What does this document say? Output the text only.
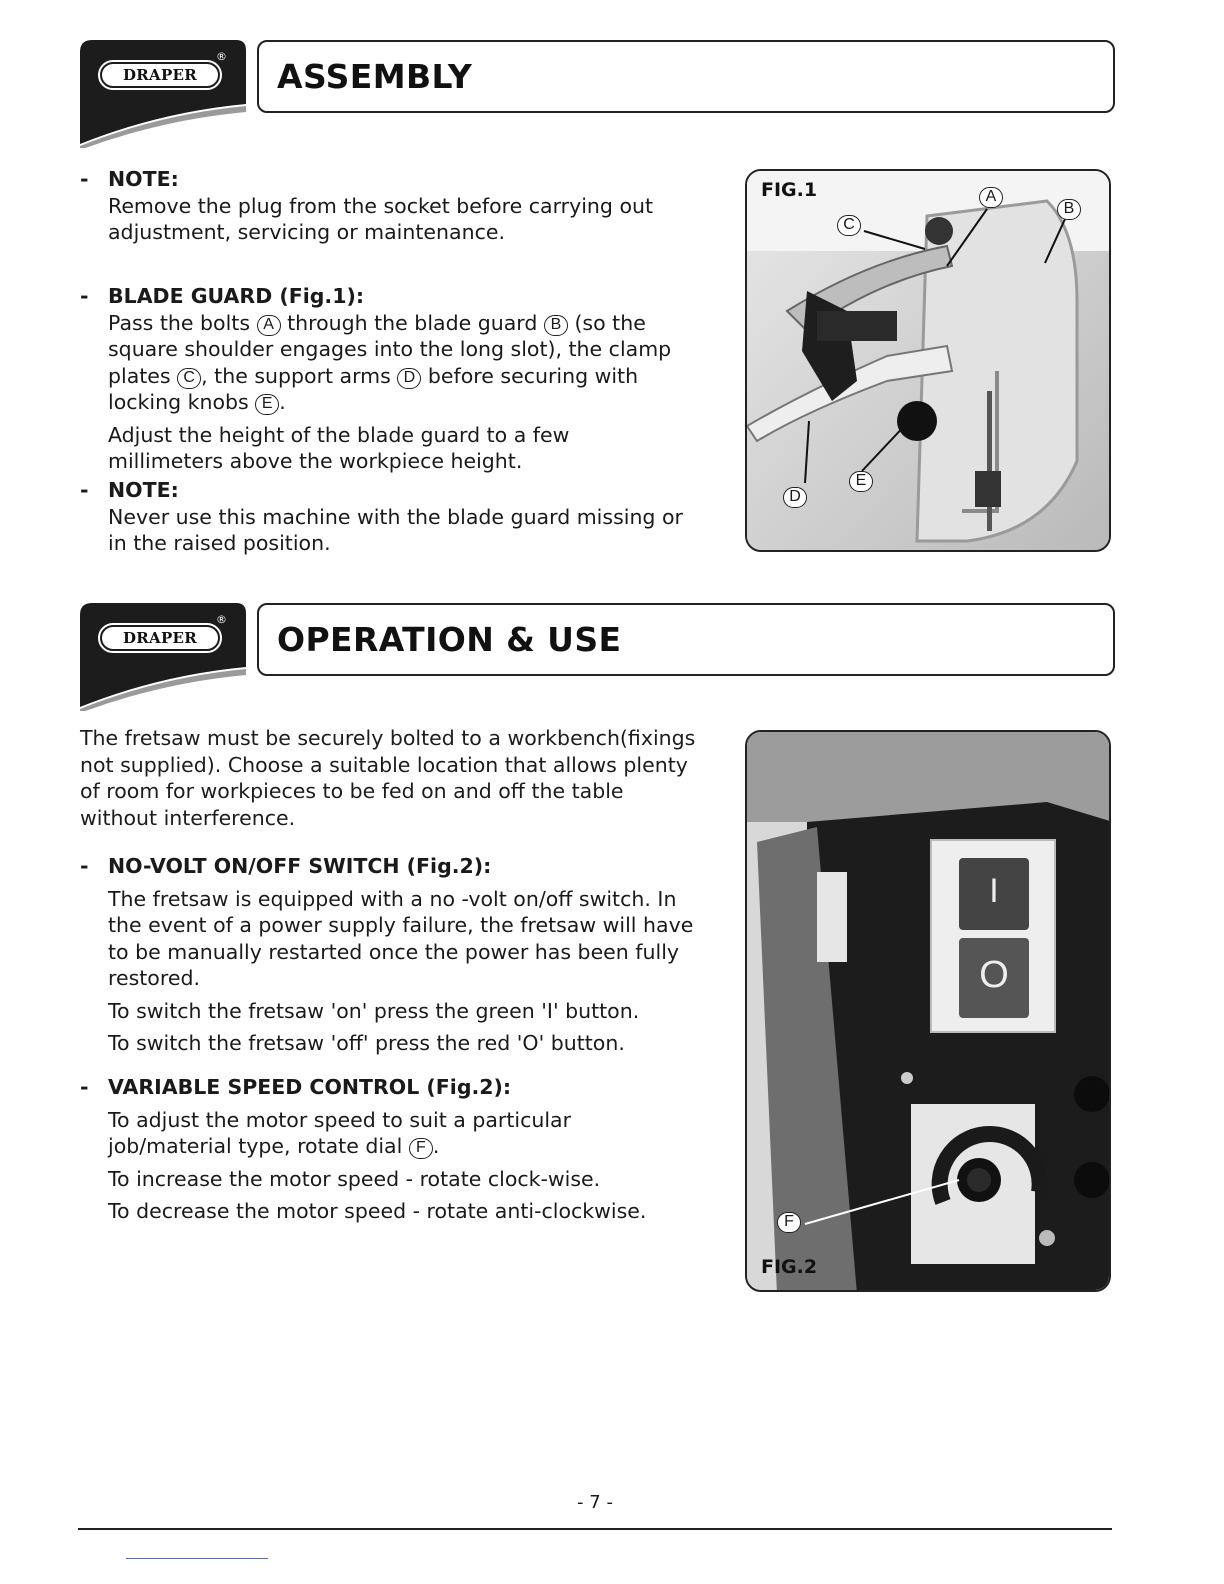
DRAPER
®
ASSEMBLY
- NOTE:
Remove the plug from the socket before carrying out adjustment, servicing or maintenance.
- BLADE GUARD (Fig.1):
Pass the bolts A through the blade guard B (so the square shoulder engages into the long slot), the clamp plates C , the support arms D before securing with locking knobs E .
Adjust the height of the blade guard to a few millimeters above the workpiece height.
- NOTE:
Never use this machine with the blade guard missing or in the raised position.
FIG.1	A
B
C
D
E
DRAPER
®
OPERATION & USE
The fretsaw must be securely bolted to a workbench(fixings not supplied). Choose a suitable location that allows plenty of room for workpieces to be fed on and off the table without interference.
- NO-VOLT ON/OFF SWITCH (Fig.2):
The fretsaw is equipped with a no -volt on/off switch. In the event of a power supply failure, the fretsaw will have to be manually restarted once the power has been fully restored.
To switch the fretsaw 'on' press the green 'I' button.
To switch the fretsaw 'off' press the red 'O' button.
- VARIABLE SPEED CONTROL (Fig.2):
To adjust the motor speed to suit a particular job/material type, rotate dial F .
To increase the motor speed - rotate clock-wise.
To decrease the motor speed - rotate anti-clockwise.
I
O
F
FIG.2
- 7 -
